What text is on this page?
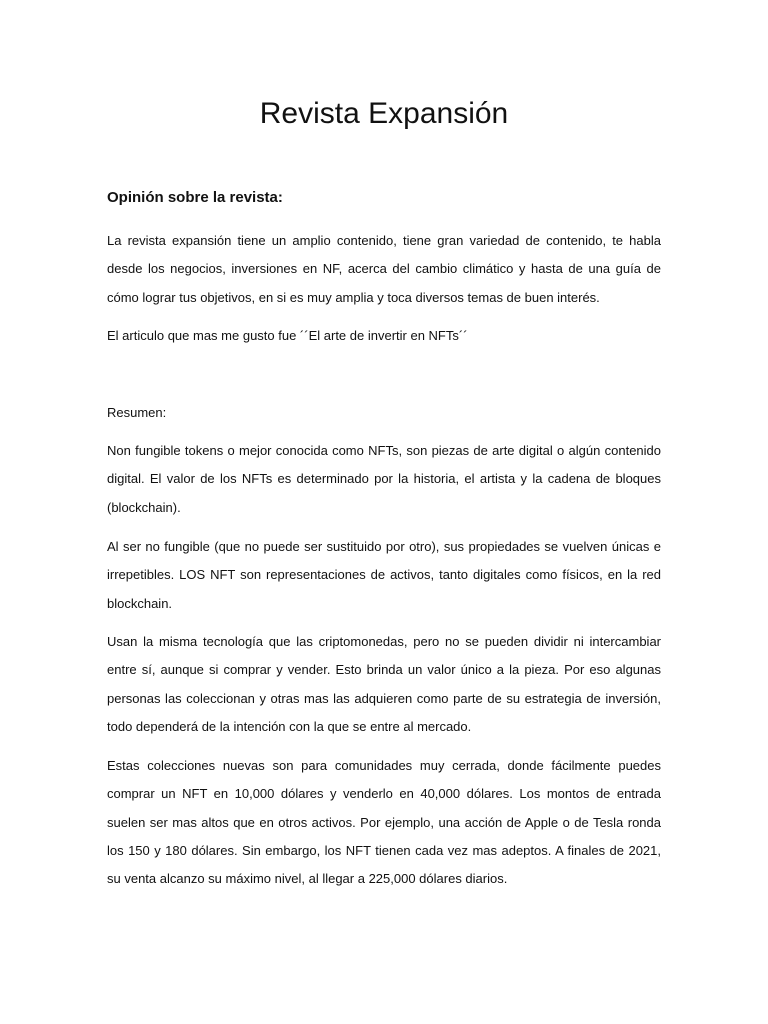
Revista Expansión
Opinión sobre la revista:

La revista expansión tiene un amplio contenido, tiene gran variedad de contenido, te habla desde los negocios, inversiones en NF, acerca del cambio climático y hasta de una guía de cómo lograr tus objetivos, en si es muy amplia y toca diversos temas de buen interés.

El articulo que mas me gusto fue ´´El arte de invertir en NFTs´´

Resumen:

Non fungible tokens o mejor conocida como NFTs, son piezas de arte digital o algún contenido digital. El valor de los NFTs es determinado por la historia, el artista y la cadena de bloques (blockchain).

Al ser no fungible (que no puede ser sustituido por otro), sus propiedades se vuelven únicas e irrepetibles. LOS NFT son representaciones de activos, tanto digitales como físicos, en la red blockchain.

Usan la misma tecnología que las criptomonedas, pero no se pueden dividir ni intercambiar entre sí, aunque si comprar y vender. Esto brinda un valor único a la pieza. Por eso algunas personas las coleccionan y otras mas las adquieren como parte de su estrategia de inversión, todo dependerá de la intención con la que se entre al mercado.

Estas colecciones nuevas son para comunidades muy cerrada, donde fácilmente puedes comprar un NFT en 10,000 dólares y venderlo en 40,000 dólares. Los montos de entrada suelen ser mas altos que en otros activos. Por ejemplo, una acción de Apple o de Tesla ronda los 150 y 180 dólares. Sin embargo, los NFT tienen cada vez mas adeptos. A finales de 2021, su venta alcanzo su máximo nivel, al llegar a 225,000 dólares diarios.
